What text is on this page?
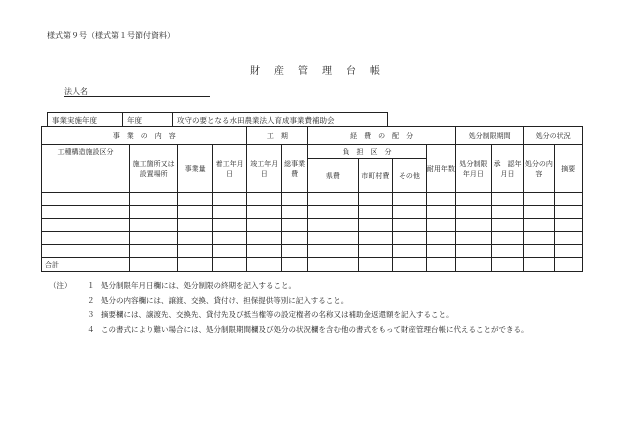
様式第９号（様式第１号節付資料）
財 産 管 理 台 帳
法人名
事業実施年度	年度	攻守の要となる水田農業法人育成事業費補助会
事　業　の　内　容				工　期		経　費　の　配　分				処分制限期間		処分の状況	
工種構造施設区分	施工箇所又は設置場所	事業量	着工年月日	竣工年月日	総事業費	負　担　区　分			耐用年数	処分制限年月日	承　認年月日	処分の内　容	摘要
						県費	市町村費	その他					

合計													
（注）	１ 処分制限年月日欄には、処分制限の終期を記入すること。
２ 処分の内容欄には、譲渡、交換、貸付け、担保提供等別に記入すること。
３ 摘要欄には、譲渡先、交換先、貸付先及び抵当権等の設定権者の名称又は補助金返還額を記入すること。
４ この書式により難い場合には、処分制限期間欄及び処分の状況欄を含む他の書式をもって財産管理台帳に代えることができる。
